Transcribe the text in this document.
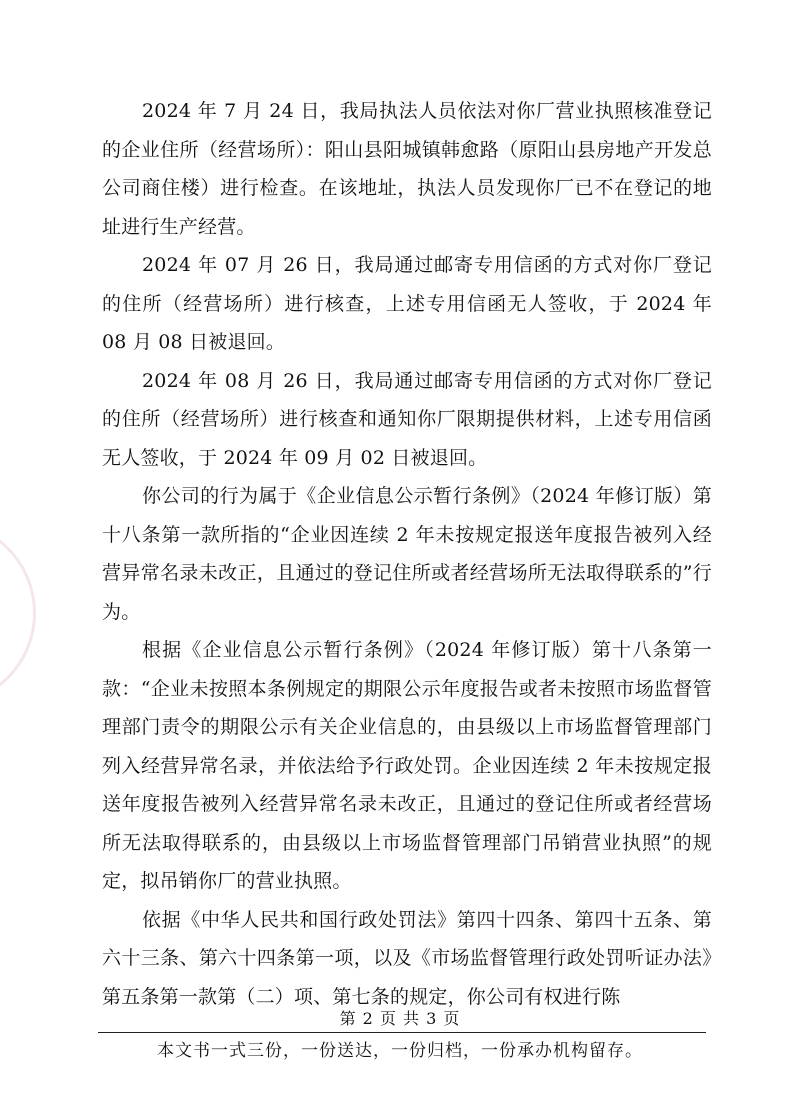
2024 年 7 月 24 日，我局执法人员依法对你厂营业执照核准登记的企业住所（经营场所）：阳山县阳城镇韩愈路（原阳山县房地产开发总公司商住楼）进行检查。在该地址，执法人员发现你厂已不在登记的地址进行生产经营。

2024 年 07 月 26 日，我局通过邮寄专用信函的方式对你厂登记的住所（经营场所）进行核查，上述专用信函无人签收，于 2024 年 08 月 08 日被退回。

2024 年 08 月 26 日，我局通过邮寄专用信函的方式对你厂登记的住所（经营场所）进行核查和通知你厂限期提供材料，上述专用信函无人签收，于 2024 年 09 月 02 日被退回。

你公司的行为属于《企业信息公示暂行条例》（2024 年修订版）第十八条第一款所指的“企业因连续 2 年未按规定报送年度报告被列入经营异常名录未改正，且通过的登记住所或者经营场所无法取得联系的”行为。

根据《企业信息公示暂行条例》（2024 年修订版）第十八条第一款：“企业未按照本条例规定的期限公示年度报告或者未按照市场监督管理部门责令的期限公示有关企业信息的，由县级以上市场监督管理部门列入经营异常名录，并依法给予行政处罚。企业因连续 2 年未按规定报送年度报告被列入经营异常名录未改正，且通过的登记住所或者经营场所无法取得联系的，由县级以上市场监督管理部门吊销营业执照”的规定，拟吊销你厂的营业执照。

依据《中华人民共和国行政处罚法》第四十四条、第四十五条、第六十三条、第六十四条第一项，以及《市场监督管理行政处罚听证办法》第五条第一款第（二）项、第七条的规定，你公司有权进行陈

第 2 页 共 3 页
本文书一式三份，一份送达，一份归档，一份承办机构留存。
